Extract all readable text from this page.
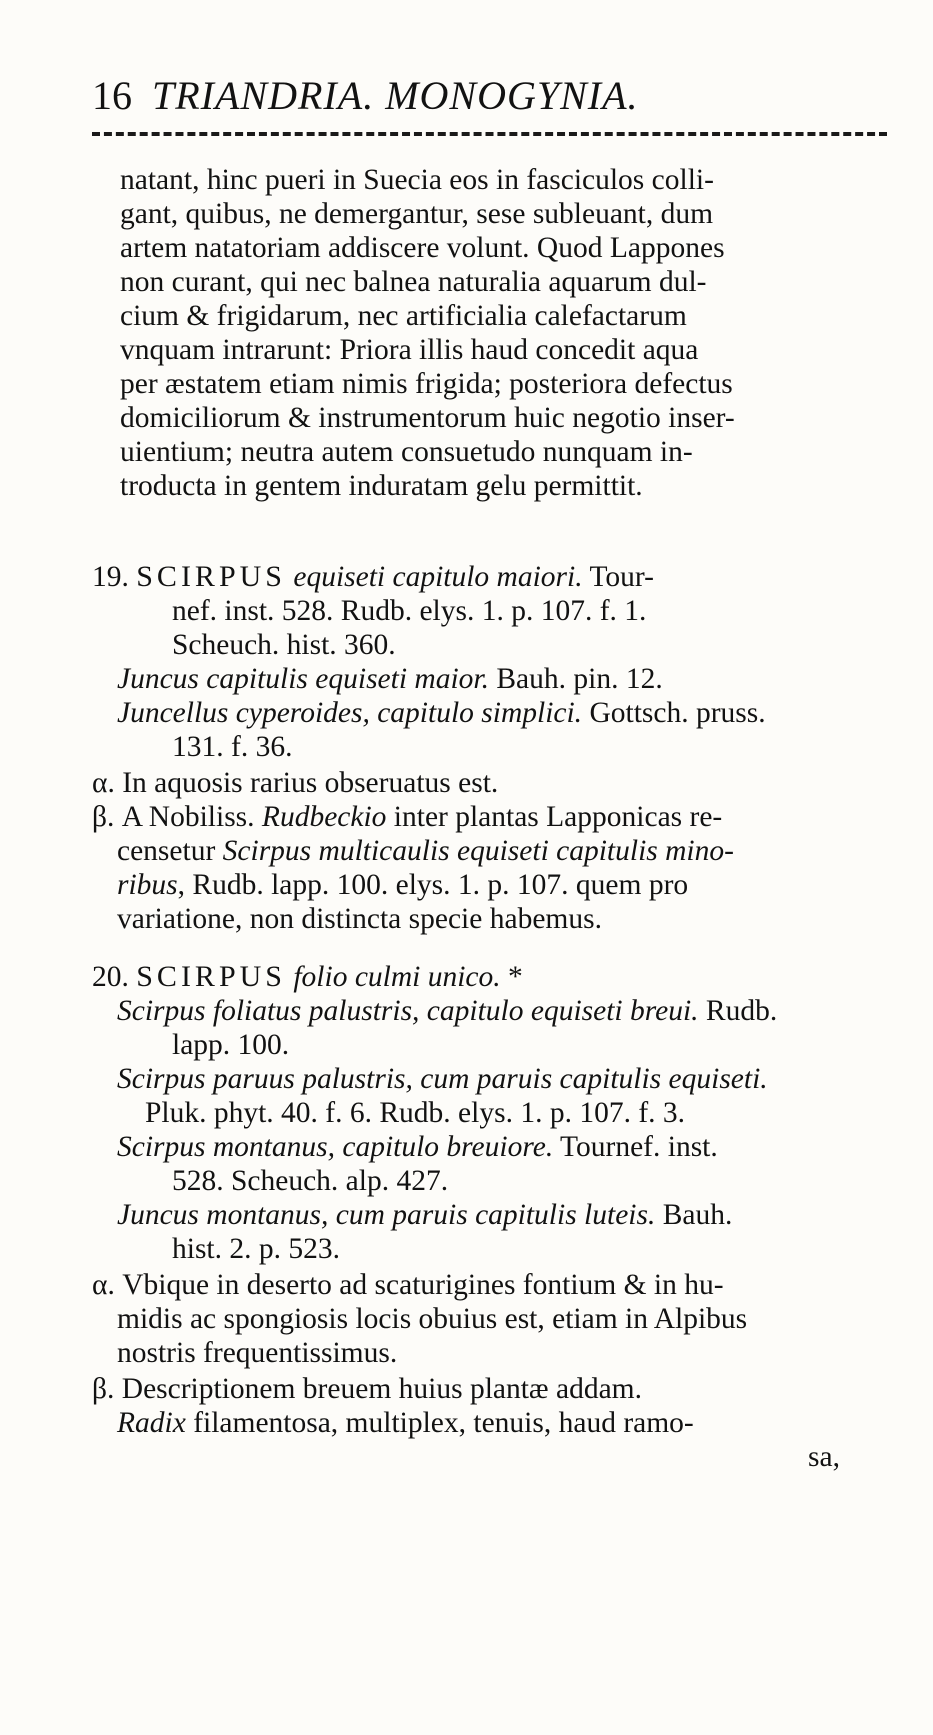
16 TRIANDRIA. MONOGYNIA.
natant, hinc pueri in Suecia eos in fasciculos colli-
gant, quibus, ne demergantur, sese subleuant, dum
artem natatoriam addiscere volunt. Quod Lappones
non curant, qui nec balnea naturalia aquarum dul-
cium & frigidarum, nec artificialia calefactarum
vnquam intrarunt: Priora illis haud concedit aqua
per æstatem etiam nimis frigida; posteriora defectus
domiciliorum & instrumentorum huic negotio inser-
uientium; neutra autem consuetudo nunquam in-
troducta in gentem induratam gelu permittit.
19. SCIRPUS equiseti capitulo maiori. Tour-
nef. inst. 528. Rudb. elys. 1. p. 107. f. 1.
Scheuch. hist. 360.
Juncus capitulis equiseti maior. Bauh. pin. 12.
Juncellus cyperoides, capitulo simplici. Gottsch. pruss.
131. f. 36.
α. In aquosis rarius obseruatus est.
β. A Nobiliss. Rudbeckio inter plantas Lapponicas re-
censetur Scirpus multicaulis equiseti capitulis mino-
ribus, Rudb. lapp. 100. elys. 1. p. 107. quem pro
variatione, non distincta specie habemus.
20. SCIRPUS folio culmi unico. *
Scirpus foliatus palustris, capitulo equiseti breui. Rudb.
lapp. 100.
Scirpus paruus palustris, cum paruis capitulis equiseti.
Pluk. phyt. 40. f. 6. Rudb. elys. 1. p. 107. f. 3.
Scirpus montanus, capitulo breuiore. Tournef. inst.
528. Scheuch. alp. 427.
Juncus montanus, cum paruis capitulis luteis. Bauh.
hist. 2. p. 523.
α. Vbique in deserto ad scaturigines fontium & in hu-
midis ac spongiosis locis obuius est, etiam in Alpibus
nostris frequentissimus.
β. Descriptionem breuem huius plantæ addam.
Radix filamentosa, multiplex, tenuis, haud ramo-
sa,
